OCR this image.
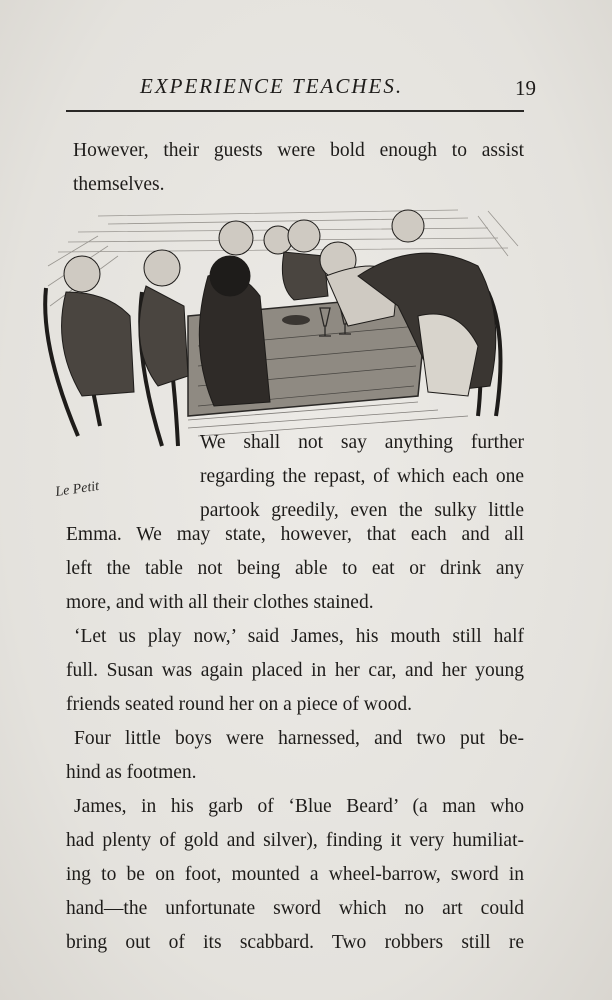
EXPERIENCE TEACHES.	19
However, their guests were bold enough to assist
themselves.
Le Petit
We shall not say anything further
regarding the repast, of which each one
partook greedily, even the sulky little
Emma. We may state, however, that each and all
left the table not being able to eat or drink any
more, and with all their clothes stained.
‘Let us play now,’ said James, his mouth still half
full. Susan was again placed in her car, and her young
friends seated round her on a piece of wood.
Four little boys were harnessed, and two put be-
hind as footmen.
James, in his garb of ‘Blue Beard’ (a man who
had plenty of gold and silver), finding it very humiliat-
ing to be on foot, mounted a wheel-barrow, sword in
hand—the unfortunate sword which no art could
bring out of its scabbard. Two robbers still re
